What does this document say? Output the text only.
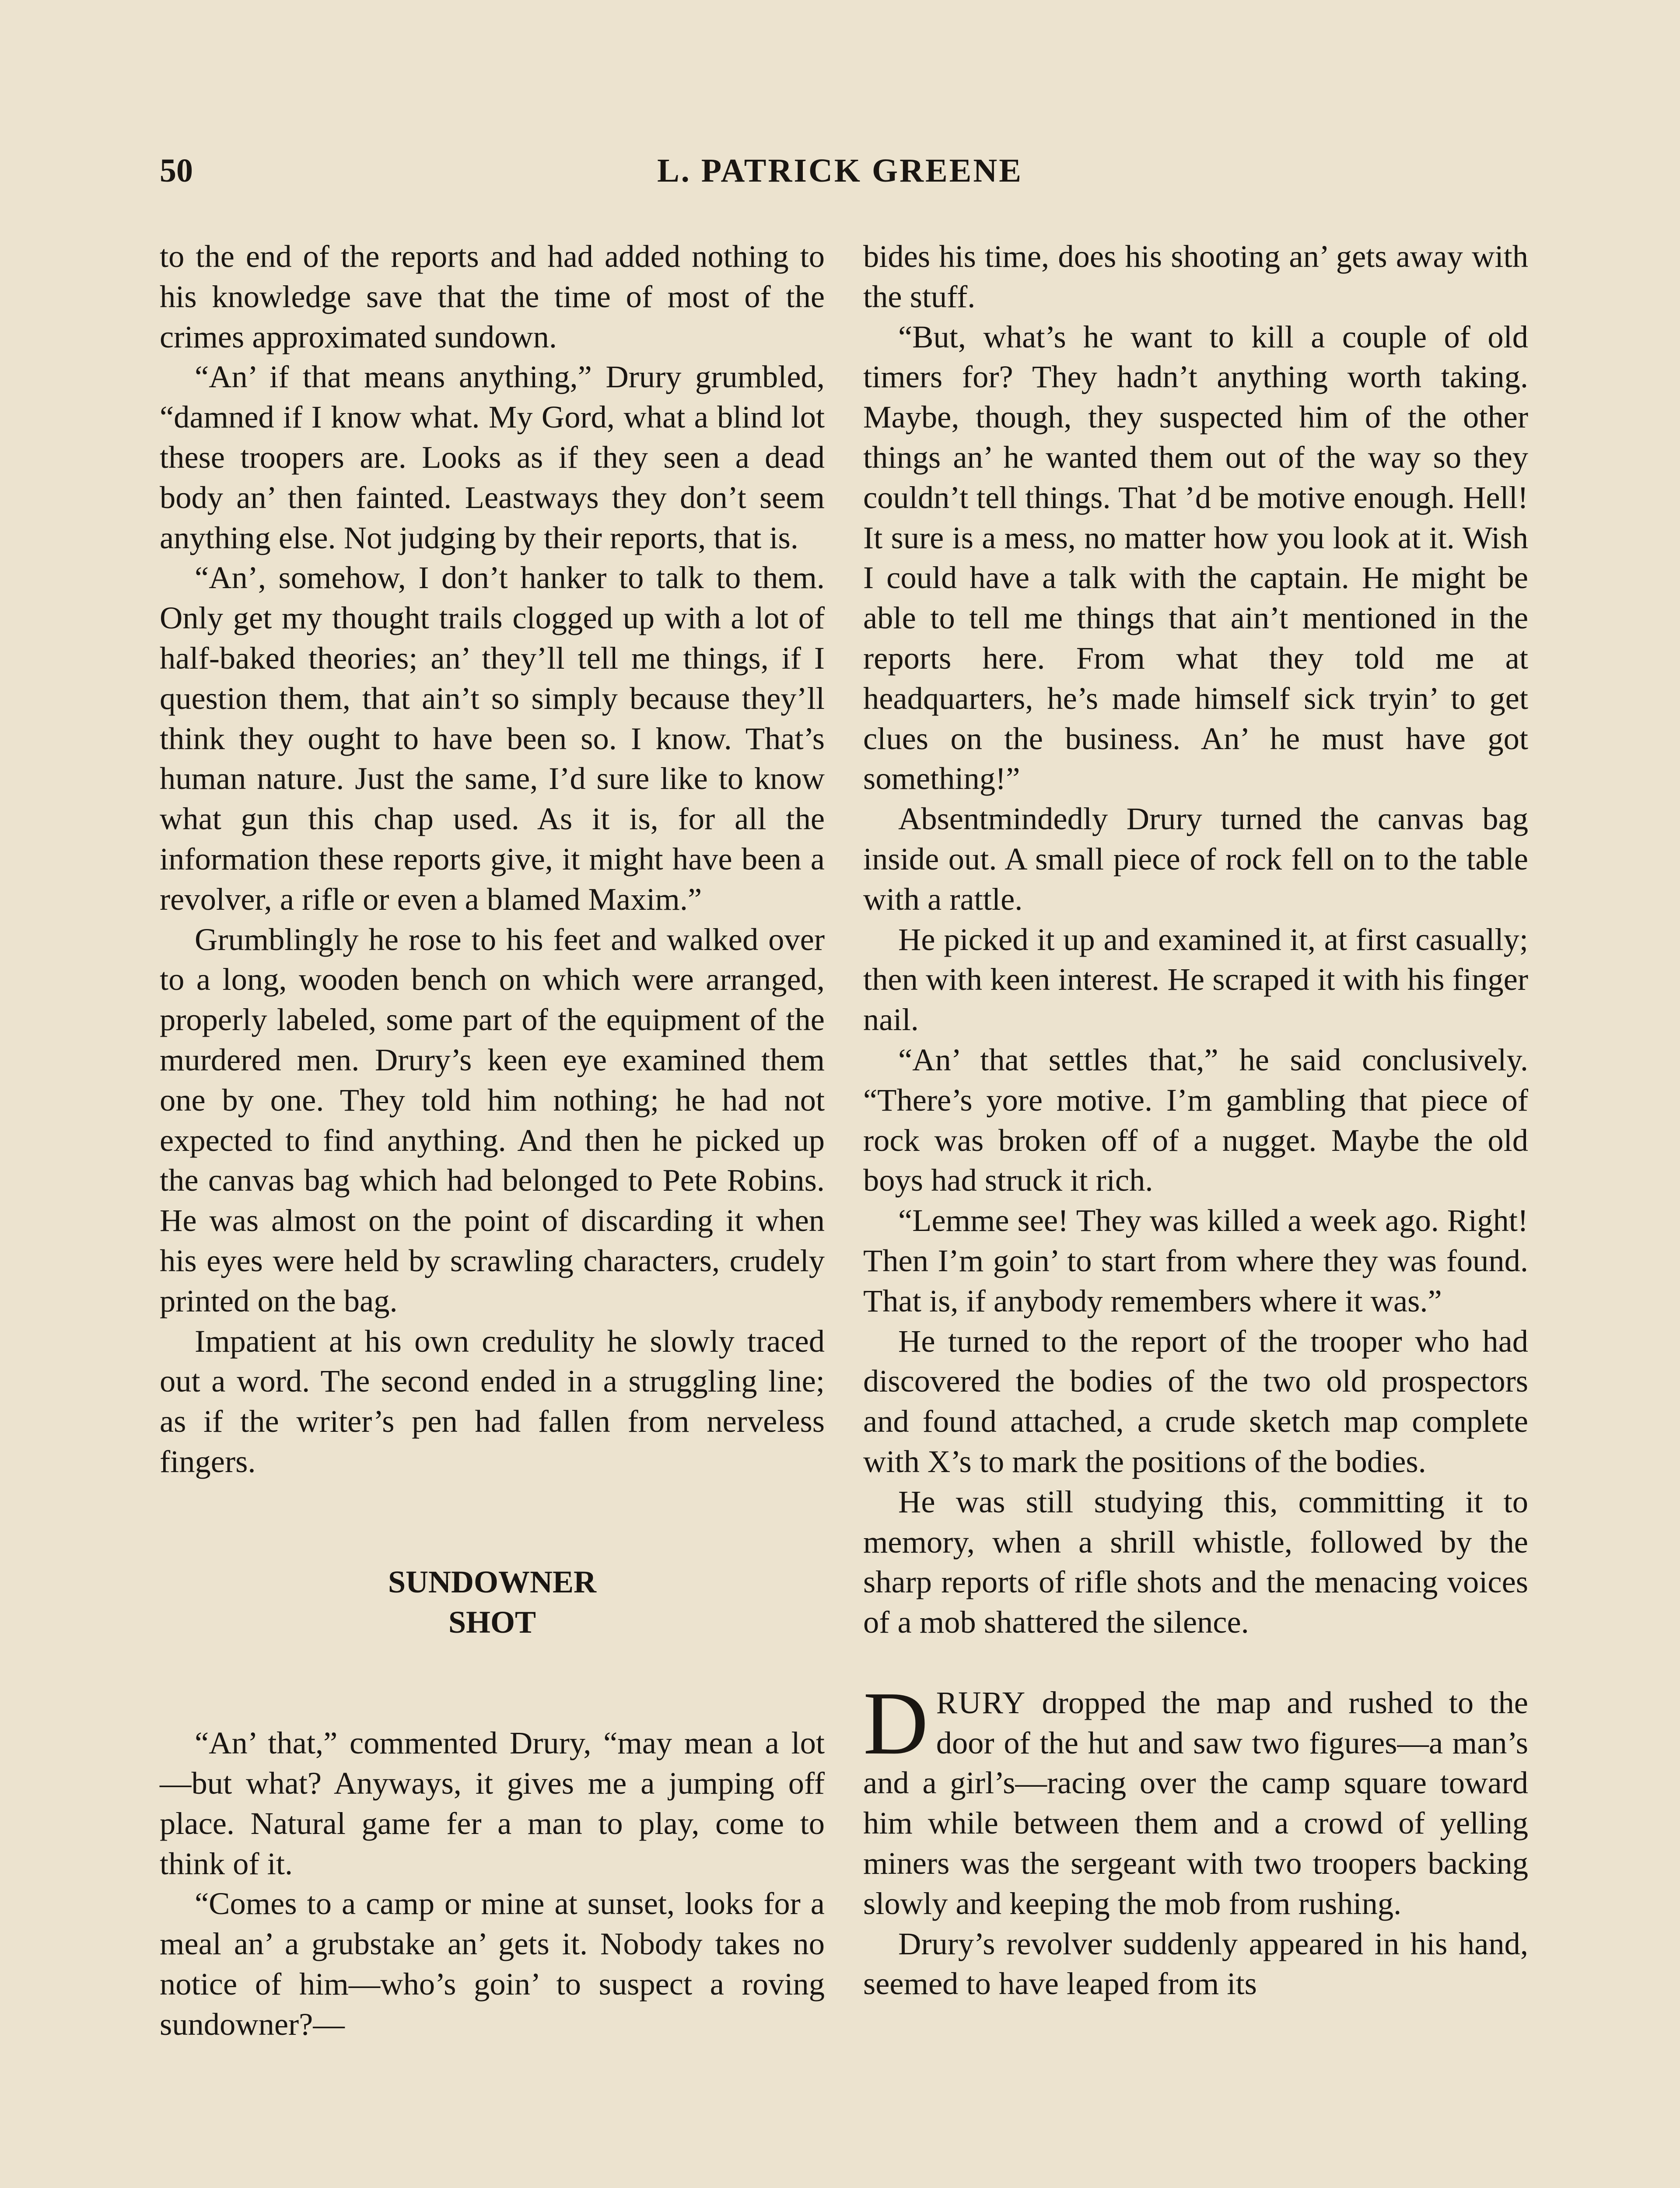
50	L. PATRICK GREENE

to the end of the reports and had added nothing to his knowledge save that the time of most of the crimes approximated sundown.

“An’ if that means anything,” Drury grumbled, “damned if I know what. My Gord, what a blind lot these troopers are. Looks as if they seen a dead body an’ then fainted. Leastways they don’t seem anything else. Not judging by their reports, that is.

“An’, somehow, I don’t hanker to talk to them. Only get my thought trails clogged up with a lot of half-baked theories; an’ they’ll tell me things, if I question them, that ain’t so simply because they’ll think they ought to have been so. I know. That’s human nature. Just the same, I’d sure like to know what gun this chap used. As it is, for all the information these reports give, it might have been a revolver, a rifle or even a blamed Maxim.”

Grumblingly he rose to his feet and walked over to a long, wooden bench on which were arranged, properly labeled, some part of the equipment of the murdered men. Drury’s keen eye examined them one by one. They told him nothing; he had not expected to find anything. And then he picked up the canvas bag which had belonged to Pete Robins. He was almost on the point of discarding it when his eyes were held by scrawling characters, crudely printed on the bag.

Impatient at his own credulity he slowly traced out a word. The second ended in a struggling line; as if the writer’s pen had fallen from nerveless fingers.

SUNDOWNER
SHOT

“An’ that,” commented Drury, “may mean a lot—but what? Anyways, it gives me a jumping off place. Natural game fer a man to play, come to think of it.

“Comes to a camp or mine at sunset, looks for a meal an’ a grubstake an’ gets it. Nobody takes no notice of him—who’s goin’ to suspect a roving sundowner?—

bides his time, does his shooting an’ gets away with the stuff.

“But, what’s he want to kill a couple of old timers for? They hadn’t anything worth taking. Maybe, though, they suspected him of the other things an’ he wanted them out of the way so they couldn’t tell things. That ’d be motive enough. Hell! It sure is a mess, no matter how you look at it. Wish I could have a talk with the captain. He might be able to tell me things that ain’t mentioned in the reports here. From what they told me at headquarters, he’s made himself sick tryin’ to get clues on the business. An’ he must have got something!”

Absentmindedly Drury turned the canvas bag inside out. A small piece of rock fell on to the table with a rattle.

He picked it up and examined it, at first casually; then with keen interest. He scraped it with his finger nail.

“An’ that settles that,” he said conclusively. “There’s yore motive. I’m gambling that piece of rock was broken off of a nugget. Maybe the old boys had struck it rich.

“Lemme see! They was killed a week ago. Right! Then I’m goin’ to start from where they was found. That is, if anybody remembers where it was.”

He turned to the report of the trooper who had discovered the bodies of the two old prospectors and found attached, a crude sketch map complete with X’s to mark the positions of the bodies.

He was still studying this, committing it to memory, when a shrill whistle, followed by the sharp reports of rifle shots and the menacing voices of a mob shattered the silence.

DRURY dropped the map and rushed to the door of the hut and saw two figures—a man’s and a girl’s—racing over the camp square toward him while between them and a crowd of yelling miners was the sergeant with two troopers backing slowly and keeping the mob from rushing.

Drury’s revolver suddenly appeared in his hand, seemed to have leaped from its
